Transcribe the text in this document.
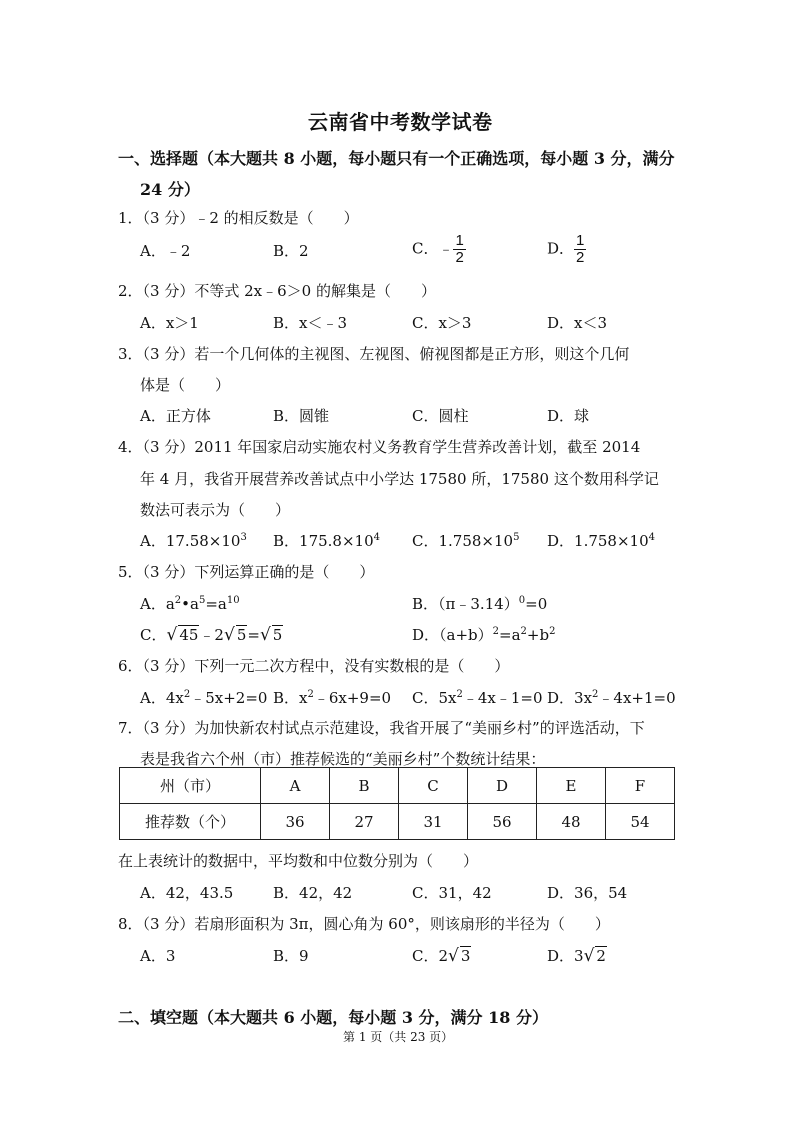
云南省中考数学试卷
一、选择题（本大题共 8 小题，每小题只有一个正确选项，每小题 3 分，满分
24 分）
1．（3 分）﹣2 的相反数是（　　）
A．﹣2	B．2	C．﹣ $\frac{1}{2}$	D． $\frac{1}{2}$
2．（3 分）不等式 2x﹣6＞0 的解集是（　　）
A．x＞1	B．x＜﹣3	C．x＞3	D．x＜3
3．（3 分）若一个几何体的主视图、左视图、俯视图都是正方形，则这个几何
体是（　　）
A．正方体	B．圆锥	C．圆柱	D．球
4．（3 分）2011 年国家启动实施农村义务教育学生营养改善计划，截至 2014
年 4 月，我省开展营养改善试点中小学达 17580 所，17580 这个数用科学记
数法可表示为（　　）
A．$17.58\times 10^3$ B．$175.8\times 10^4$ C．$1.758\times 10^5$ D．$1.758\times 10^4$
5．（3 分）下列运算正确的是（　　）
A．$a^2•a^5=a^{10}$	B．（π﹣3.14）$^0$=0
C．√ 45﹣2√ 5=√ 5	D．$(a+b)^2=a^2+b^2$
6．（3 分）下列一元二次方程中，没有实数根的是（　　）
A．$4x^2﹣5x+2=0$ B．$x^2﹣6x+9=0$ C．$5x^2﹣4x﹣1=0$ D．$3x^2﹣4x+1=0$
7．（3 分）为加快新农村试点示范建设，我省开展了“美丽乡村”的评选活动，下
表是我省六个州（市）推荐候选的“美丽乡村”个数统计结果：
州（市）	A	B	C	D	E	F
推荐数（个）	36	27	31	56	48	54
在上表统计的数据中，平均数和中位数分别为（　　）
A．42，43.5	B．42，42	C．31，42	D．36，54
8．（3 分）若扇形面积为 3π，圆心角为 60°，则该扇形的半径为（　　）
A．3	B．9	C．2√ 3	D．3√ 2
二、填空题（本大题共 6 小题，每小题 3 分，满分 18 分）
第 1 页（共 23 页）
